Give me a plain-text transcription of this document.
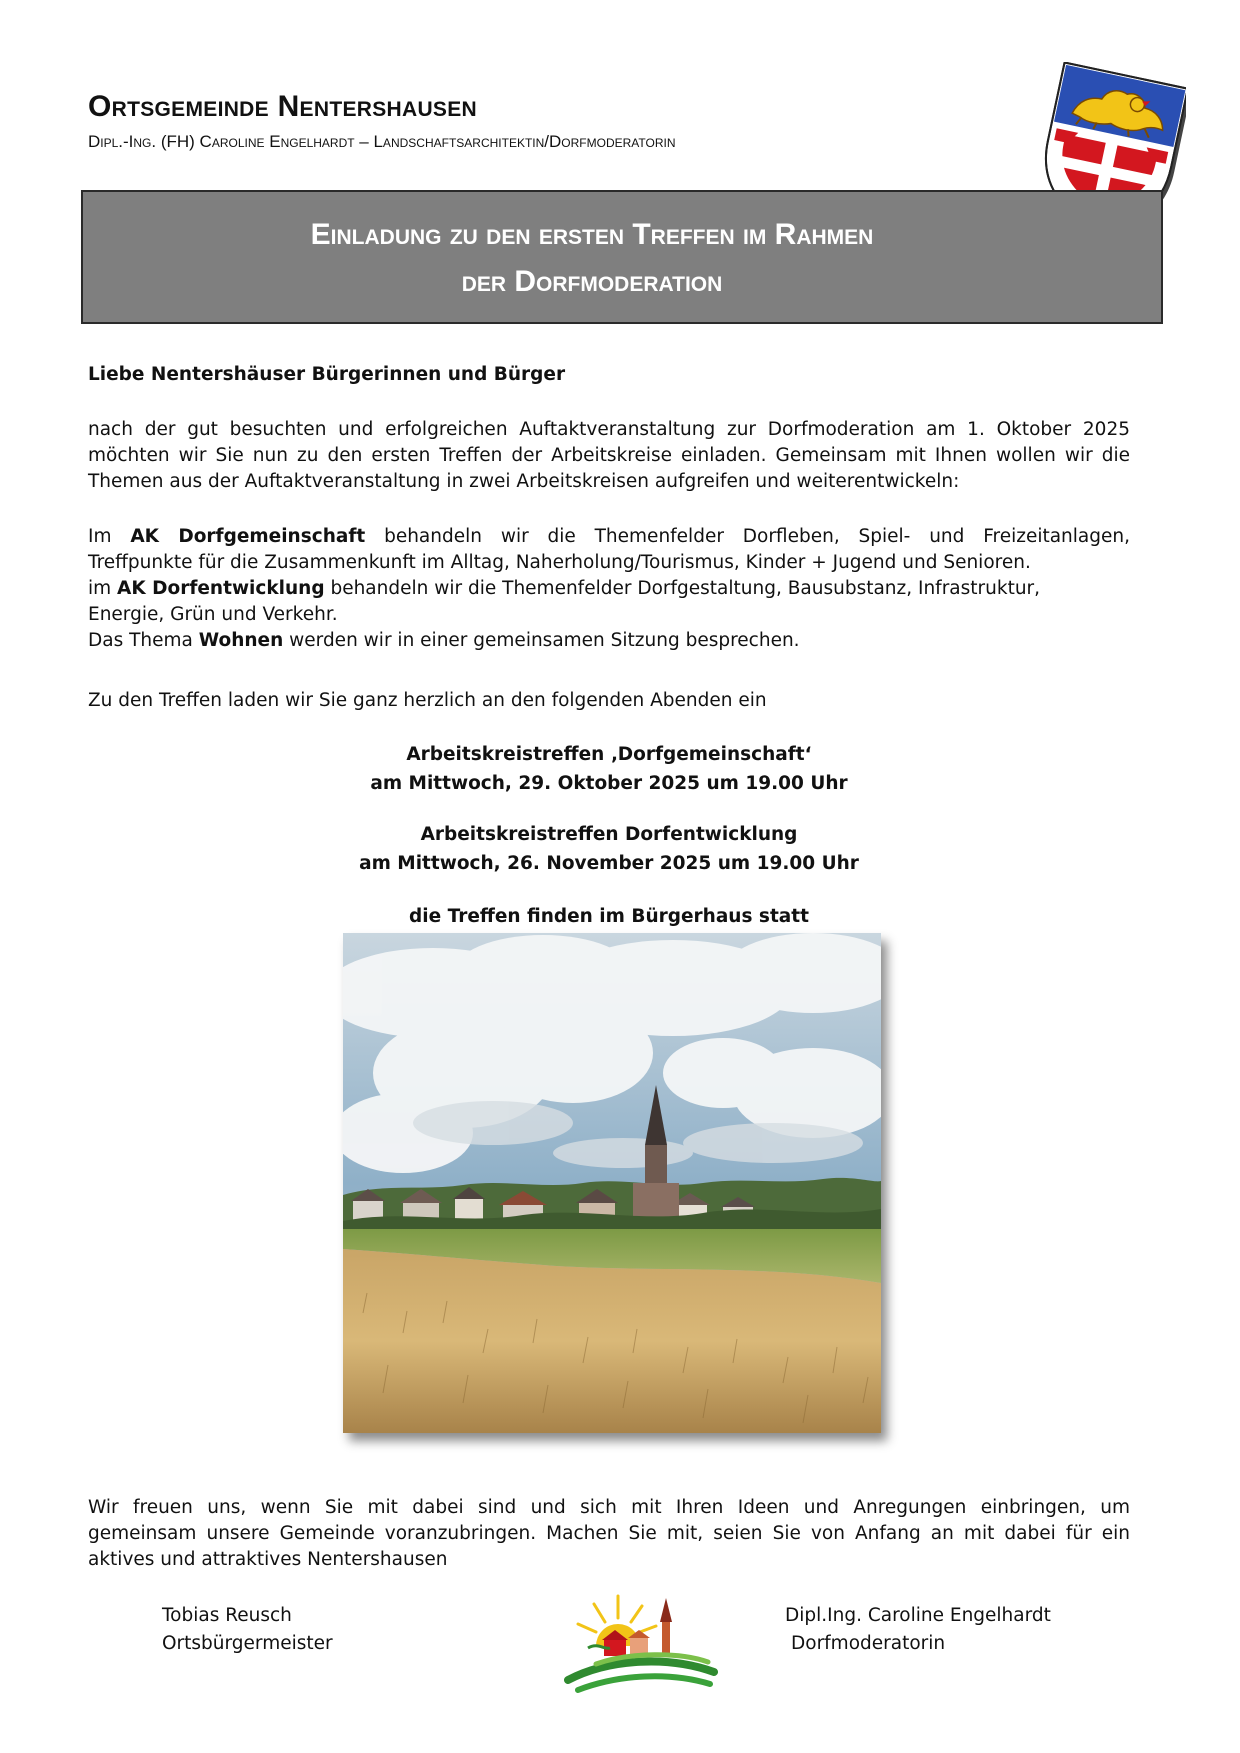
Ortsgemeinde Nentershausen

Dipl.-Ing. (FH) Caroline Engelhardt – Landschaftsarchitektin/Dorfmoderatorin

Einladung zu den ersten Treffen im Rahmen
der Dorfmoderation
Liebe Nentershäuser Bürgerinnen und Bürger
nach der gut besuchten und erfolgreichen Auftaktveranstaltung zur Dorfmoderation am 1. Oktober 2025 möchten wir Sie nun zu den ersten Treffen der Arbeitskreise einladen. Gemeinsam mit Ihnen wollen wir die Themen aus der Auftaktveranstaltung in zwei Arbeitskreisen aufgreifen und weiterentwickeln:
Im AK Dorfgemeinschaft behandeln wir die Themenfelder Dorfleben, Spiel- und Freizeitanlagen,
Treffpunkte für die Zusammenkunft im Alltag, Naherholung/Tourismus, Kinder + Jugend und Senioren.
im AK Dorfentwicklung behandeln wir die Themenfelder Dorfgestaltung, Bausubstanz, Infrastruktur,
Energie, Grün und Verkehr.
Das Thema Wohnen werden wir in einer gemeinsamen Sitzung besprechen.
Zu den Treffen laden wir Sie ganz herzlich an den folgenden Abenden ein
Arbeitskreistreffen ‚Dorfgemeinschaft‘
am Mittwoch, 29. Oktober 2025 um 19.00 Uhr
Arbeitskreistreffen Dorfentwicklung
am Mittwoch, 26. November 2025 um 19.00 Uhr
die Treffen finden im Bürgerhaus statt
Wir freuen uns, wenn Sie mit dabei sind und sich mit Ihren Ideen und Anregungen einbringen, um
gemeinsam unsere Gemeinde voranzubringen. Machen Sie mit, seien Sie von Anfang an mit dabei für ein
aktives und attraktives Nentershausen
Tobias Reusch
Ortsbürgermeister
Dipl.Ing. Caroline Engelhardt
Dorfmoderatorin
